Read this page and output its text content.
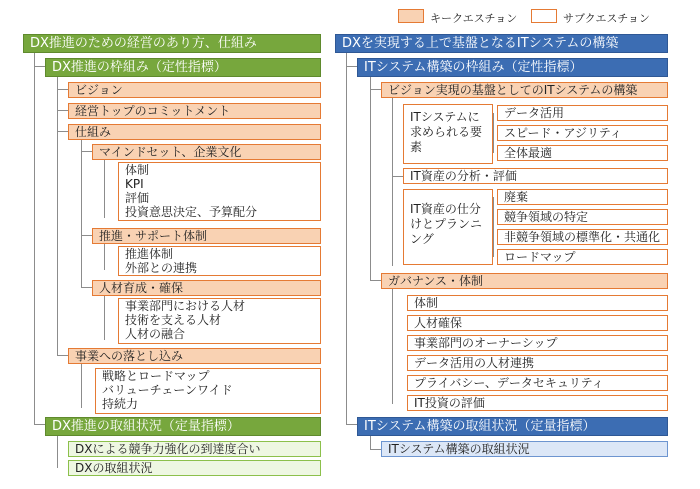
キークエスチョン	サブクエスチョン
DX推進のための経営のあり方、仕組み
DX推進の枠組み（定性指標）
ビジョン
経営トップのコミットメント
仕組み
マインドセット、企業文化
体制
KPI
評価
投資意思決定、予算配分
推進・サポート体制
推進体制
外部との連携
人材育成・確保
事業部門における人材
技術を支える人材
人材の融合
事業への落とし込み
戦略とロードマップ
バリューチェーンワイド
持続力
DX推進の取組状況（定量指標）
DXによる競争力強化の到達度合い
DXの取組状況
DXを実現する上で基盤となるITシステムの構築
ITシステム構築の枠組み（定性指標）
ビジョン実現の基盤としてのITシステムの構築
ITシステムに求められる要素
データ活用
スピード・アジリティ
全体最適
IT資産の分析・評価
IT資産の仕分けとプランニング
廃棄
競争領域の特定
非競争領域の標準化・共通化
ロードマップ
ガバナンス・体制
体制
人材確保
事業部門のオーナーシップ
データ活用の人材連携
プライバシー、データセキュリティ
IT投資の評価
ITシステム構築の取組状況（定量指標）
ITシステム構築の取組状況
